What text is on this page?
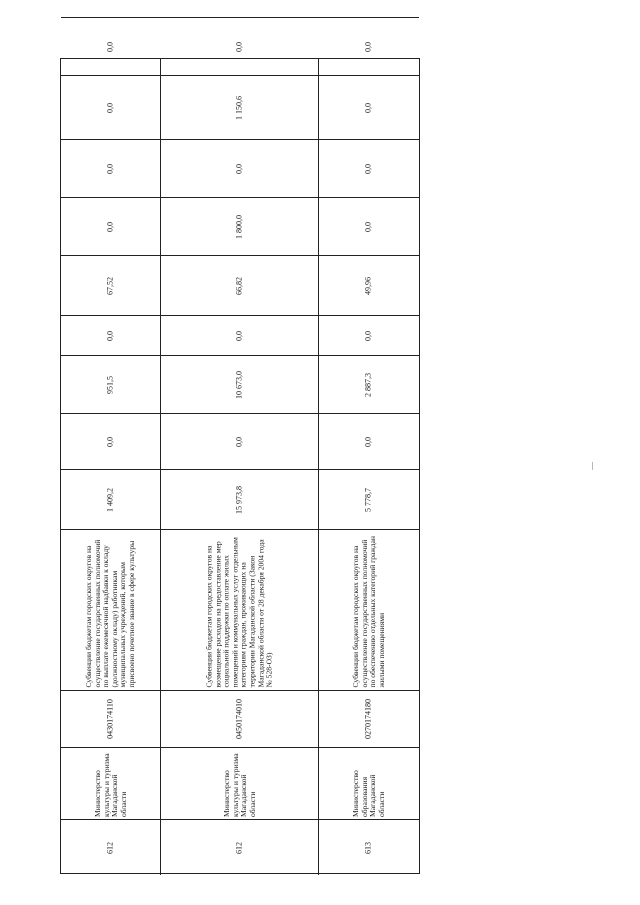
612
Министерство культуры и туризма Магаданской области
0430174110
Субвенции бюджетам городских округов на осуществление государственных полномочий по выплате ежемесячной надбавки к окладу (должностному окладу) работникам муниципальных учреждений, которым присвоено почетное звание в сфере культуры
1 409,2
0,0
951,5
0,0
67,52
0,0
0,0
0,0
0,0
612
Министерство культуры и туризма Магаданской области
0450174010
Субвенции бюджетам городских округов на возмещение расходов на предоставление мер социальной поддержки по оплате жилых помещений и коммунальных услуг отдельным категориям граждан, проживающих на территории Магаданской области (Закон Магаданской области от 28 декабря 2004 года № 528-ОЗ)
15 973,8
0,0
10 673,0
0,0
66,82
1 800,0
0,0
1 150,6
0,0
613
Министерство образования Магаданской области
0270174180
Субвенции бюджетам городских округов на осуществление государственных полномочий по обеспечению отдельных категорий граждан жилыми помещениями
5 778,7
0,0
2 887,3
0,0
49,96
0,0
0,0
0,0
0,0
